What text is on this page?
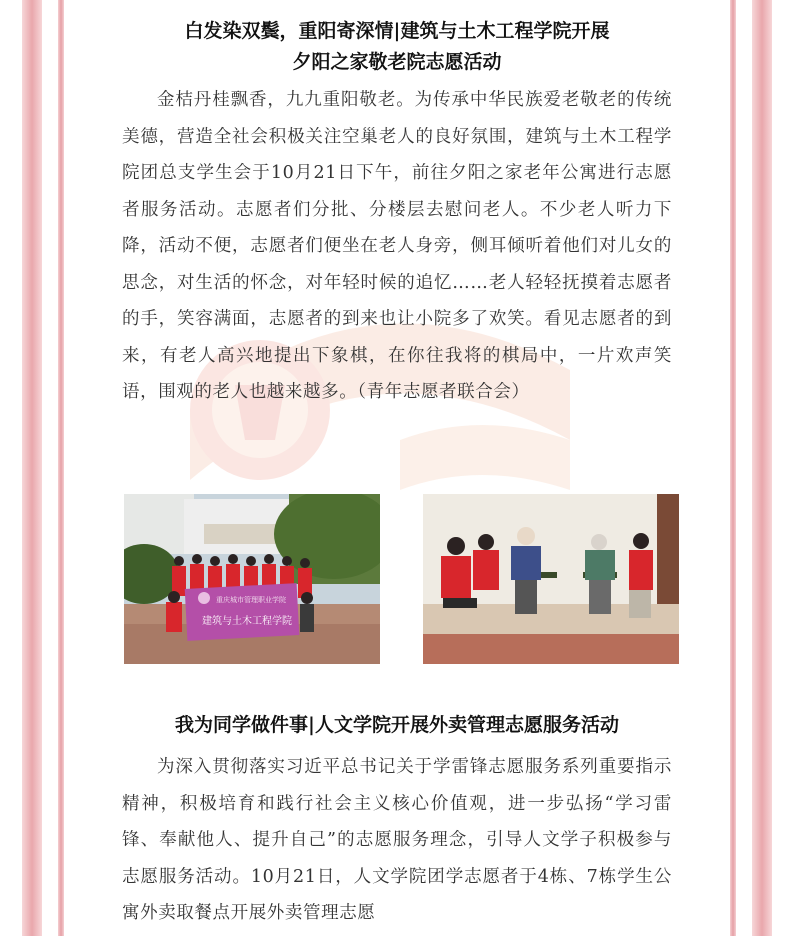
白发染双鬓，重阳寄深情|建筑与土木工程学院开展

夕阳之家敬老院志愿活动

金桔丹桂飘香，九九重阳敬老。为传承中华民族爱老敬老的传统美德，营造全社会积极关注空巢老人的良好氛围，建筑与土木工程学院团总支学生会于10月21日下午，前往夕阳之家老年公寓进行志愿者服务活动。志愿者们分批、分楼层去慰问老人。不少老人听力下降，活动不便，志愿者们便坐在老人身旁，侧耳倾听着他们对儿女的思念，对生活的怀念，对年轻时候的追忆……老人轻轻抚摸着志愿者的手，笑容满面，志愿者的到来也让小院多了欢笑。看见志愿者的到来，有老人高兴地提出下象棋，在你往我将的棋局中，一片欢声笑语，围观的老人也越来越多。（青年志愿者联合会）

重庆城市管理职业学院
建筑与土木工程学院

我为同学做件事|人文学院开展外卖管理志愿服务活动

为深入贯彻落实习近平总书记关于学雷锋志愿服务系列重要指示精神，积极培育和践行社会主义核心价值观，进一步弘扬“学习雷锋、奉献他人、提升自己”的志愿服务理念，引导人文学子积极参与志愿服务活动。10月21日，人文学院团学志愿者于4栋、7栋学生公寓外卖取餐点开展外卖管理志愿
